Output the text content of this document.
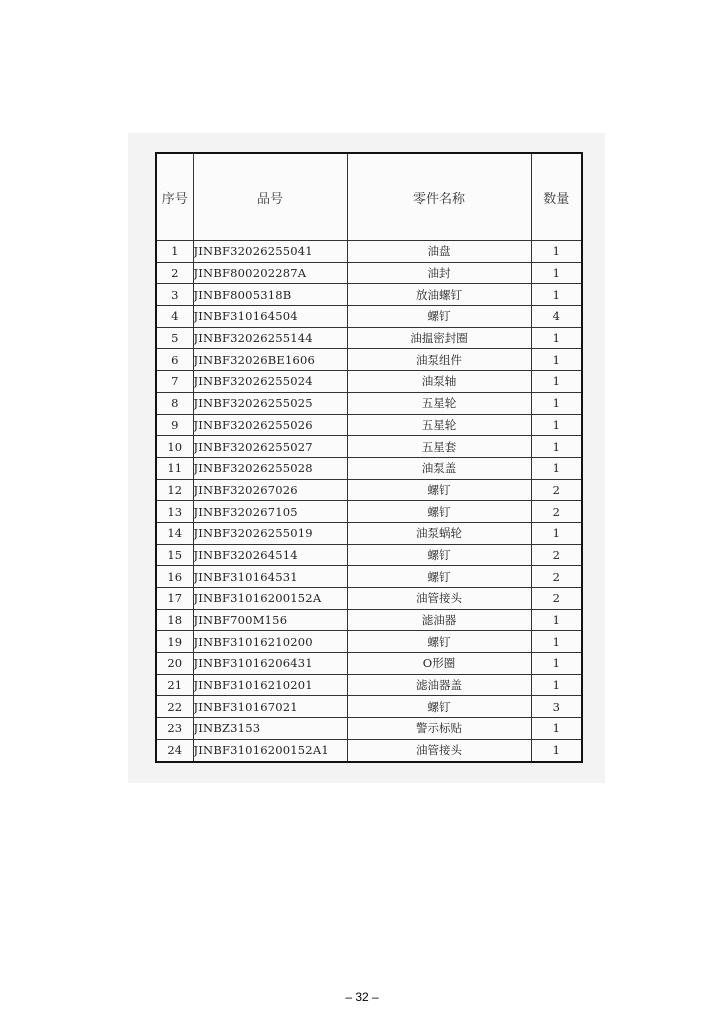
序号	品号	零件名称	数量
1	JINBF32026255041	油盘	1
2	JINBF800202287A	油封	1
3	JINBF8005318B	放油螺钉	1
4	JINBF310164504	螺钉	4
5	JINBF32026255144	油揾密封圈	1
6	JINBF32026BE1606	油泵组件	1
7	JINBF32026255024	油泵轴	1
8	JINBF32026255025	五星轮	1
9	JINBF32026255026	五星轮	1
10	JINBF32026255027	五星套	1
11	JINBF32026255028	油泵盖	1
12	JINBF320267026	螺钉	2
13	JINBF320267105	螺钉	2
14	JINBF32026255019	油泵蜗轮	1
15	JINBF320264514	螺钉	2
16	JINBF310164531	螺钉	2
17	JINBF31016200152A	油管接头	2
18	JINBF700M156	滤油器	1
19	JINBF31016210200	螺钉	1
20	JINBF31016206431	O形圈	1
21	JINBF31016210201	滤油器盖	1
22	JINBF310167021	螺钉	3
23	JINBZ3153	警示标贴	1
24	JINBF31016200152A1	油管接头	1
– 32 –
